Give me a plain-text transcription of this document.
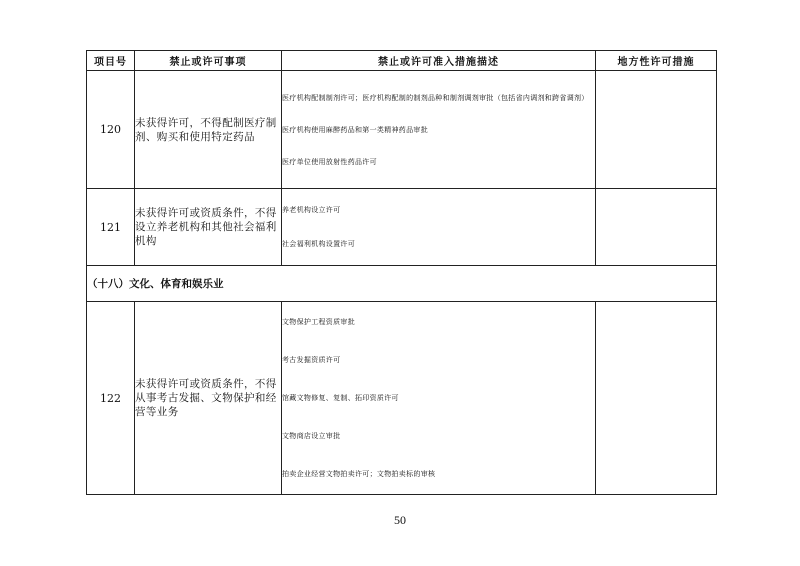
项目号	禁止或许可事项	禁止或许可准入措施描述	地方性许可措施
120	未获得许可，不得配制医疗制剂、购买和使用特定药品	医疗机构配制制剂许可；医疗机构配制的制剂品种和制剂调剂审批（包括省内调剂和跨省调剂）
医疗机构使用麻醉药品和第一类精神药品审批
医疗单位使用放射性药品许可	

121	未获得许可或资质条件，不得设立养老机构和其他社会福利机构	养老机构设立许可
社会福利机构设置许可	

（十八）文化、体育和娱乐业			
122	未获得许可或资质条件，不得从事考古发掘、文物保护和经营等业务	文物保护工程资质审批
考古发掘资质许可
馆藏文物修复、复制、拓印资质许可
文物商店设立审批
拍卖企业经营文物拍卖许可；文物拍卖标的审核	

50
